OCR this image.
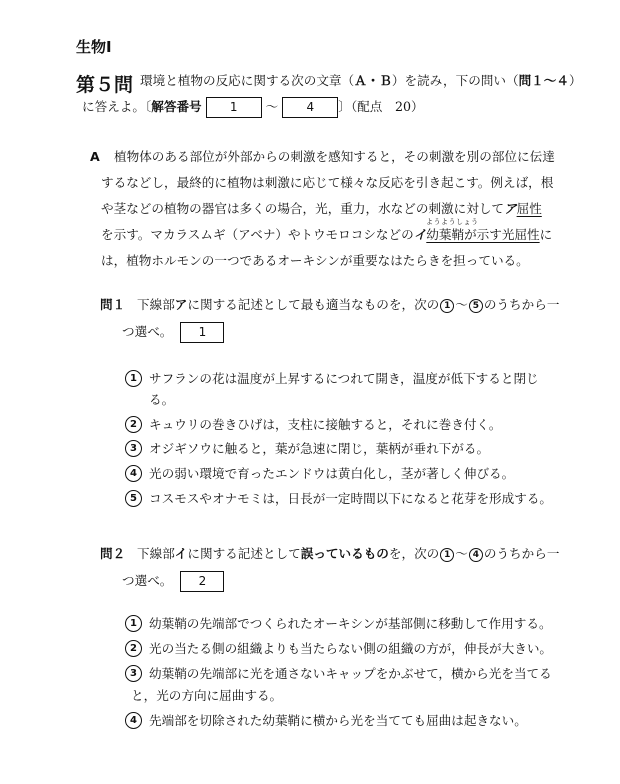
生物Ⅰ
第５問 環境と植物の反応に関する次の文章（Ａ・Ｂ）を読み，下の問い（問１～４）
に答えよ。〔解答番号 1 ～ 4 〕（配点　20）
A 植物体のある部位が外部からの刺激を感知すると，その刺激を別の部位に伝達
するなどし，最終的に植物は刺激に応じて様々な反応を引き起こす。例えば，根
や茎などの植物の器官は多くの場合，光，重力，水などの刺激に対してア屈性
ようようしょう
を示す。マカラスムギ（アベナ）やトウモロコシなどのイ幼葉鞘が示す光屈性に
は，植物ホルモンの一つであるオーキシンが重要なはたらきを担っている。
問１ 下線部アに関する記述として最も適当なものを，次の 1 ～ 5 のうちから一
つ選べ。 1
1 サフランの花は温度が上昇するにつれて開き，温度が低下すると閉じ
る。
2 キュウリの巻きひげは，支柱に接触すると，それに巻き付く。
3 オジギソウに触ると，葉が急速に閉じ，葉柄が垂れ下がる。
4 光の弱い環境で育ったエンドウは黄白化し，茎が著しく伸びる。
5 コスモスやオナモミは，日長が一定時間以下になると花芽を形成する。
問２ 下線部イに関する記述として誤っているものを，次の 1 ～ 4 のうちから一
つ選べ。 2
1 幼葉鞘の先端部でつくられたオーキシンが基部側に移動して作用する。
2 光の当たる側の組織よりも当たらない側の組織の方が，伸長が大きい。
3 幼葉鞘の先端部に光を通さないキャップをかぶせて，横から光を当てる
と，光の方向に屈曲する。
4 先端部を切除された幼葉鞘に横から光を当てても屈曲は起きない。
